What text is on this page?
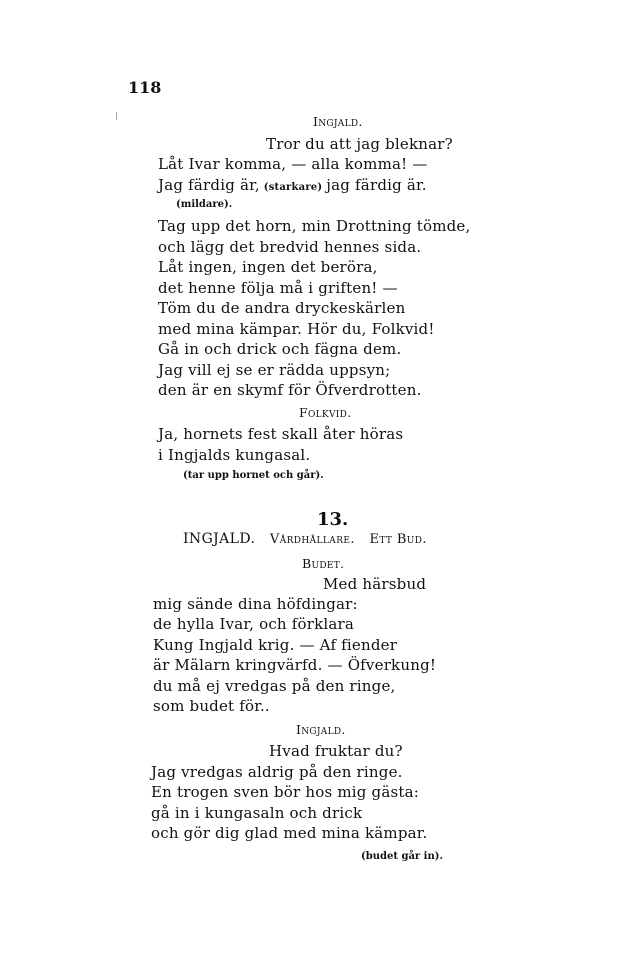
118
Ingjald.
Tror du att jag bleknar?
Låt Ivar komma, — alla komma! —
Jag färdig är, (starkare) jag färdig är.
(mildare).
Tag upp det horn, min Drottning tömde,
och lägg det bredvid hennes sida.
Låt ingen, ingen det beröra,
det henne följa må i griften! —
Töm du de andra dryckeskärlen
med mina kämpar. Hör du, Folkvid!
Gå in och drick och fägna dem.
Jag vill ej se er rädda uppsyn;
den är en skymf för Öfverdrotten.
Folkvid.
Ja, hornets fest skall åter höras
i Ingjalds kungasal.
(tar upp hornet och går).
13.
INGJALD. Vårdhållare. Ett Bud.
Budet.
Med härsbud
mig sände dina höfdingar:
de hylla Ivar, och förklara
Kung Ingjald krig. — Af fiender
är Mälarn kringvärfd. — Öfverkung!
du må ej vredgas på den ringe,
som budet för..
Ingjald.
Hvad fruktar du?
Jag vredgas aldrig på den ringe.
En trogen sven bör hos mig gästa:
gå in i kungasaln och drick
och gör dig glad med mina kämpar.
(budet går in).
